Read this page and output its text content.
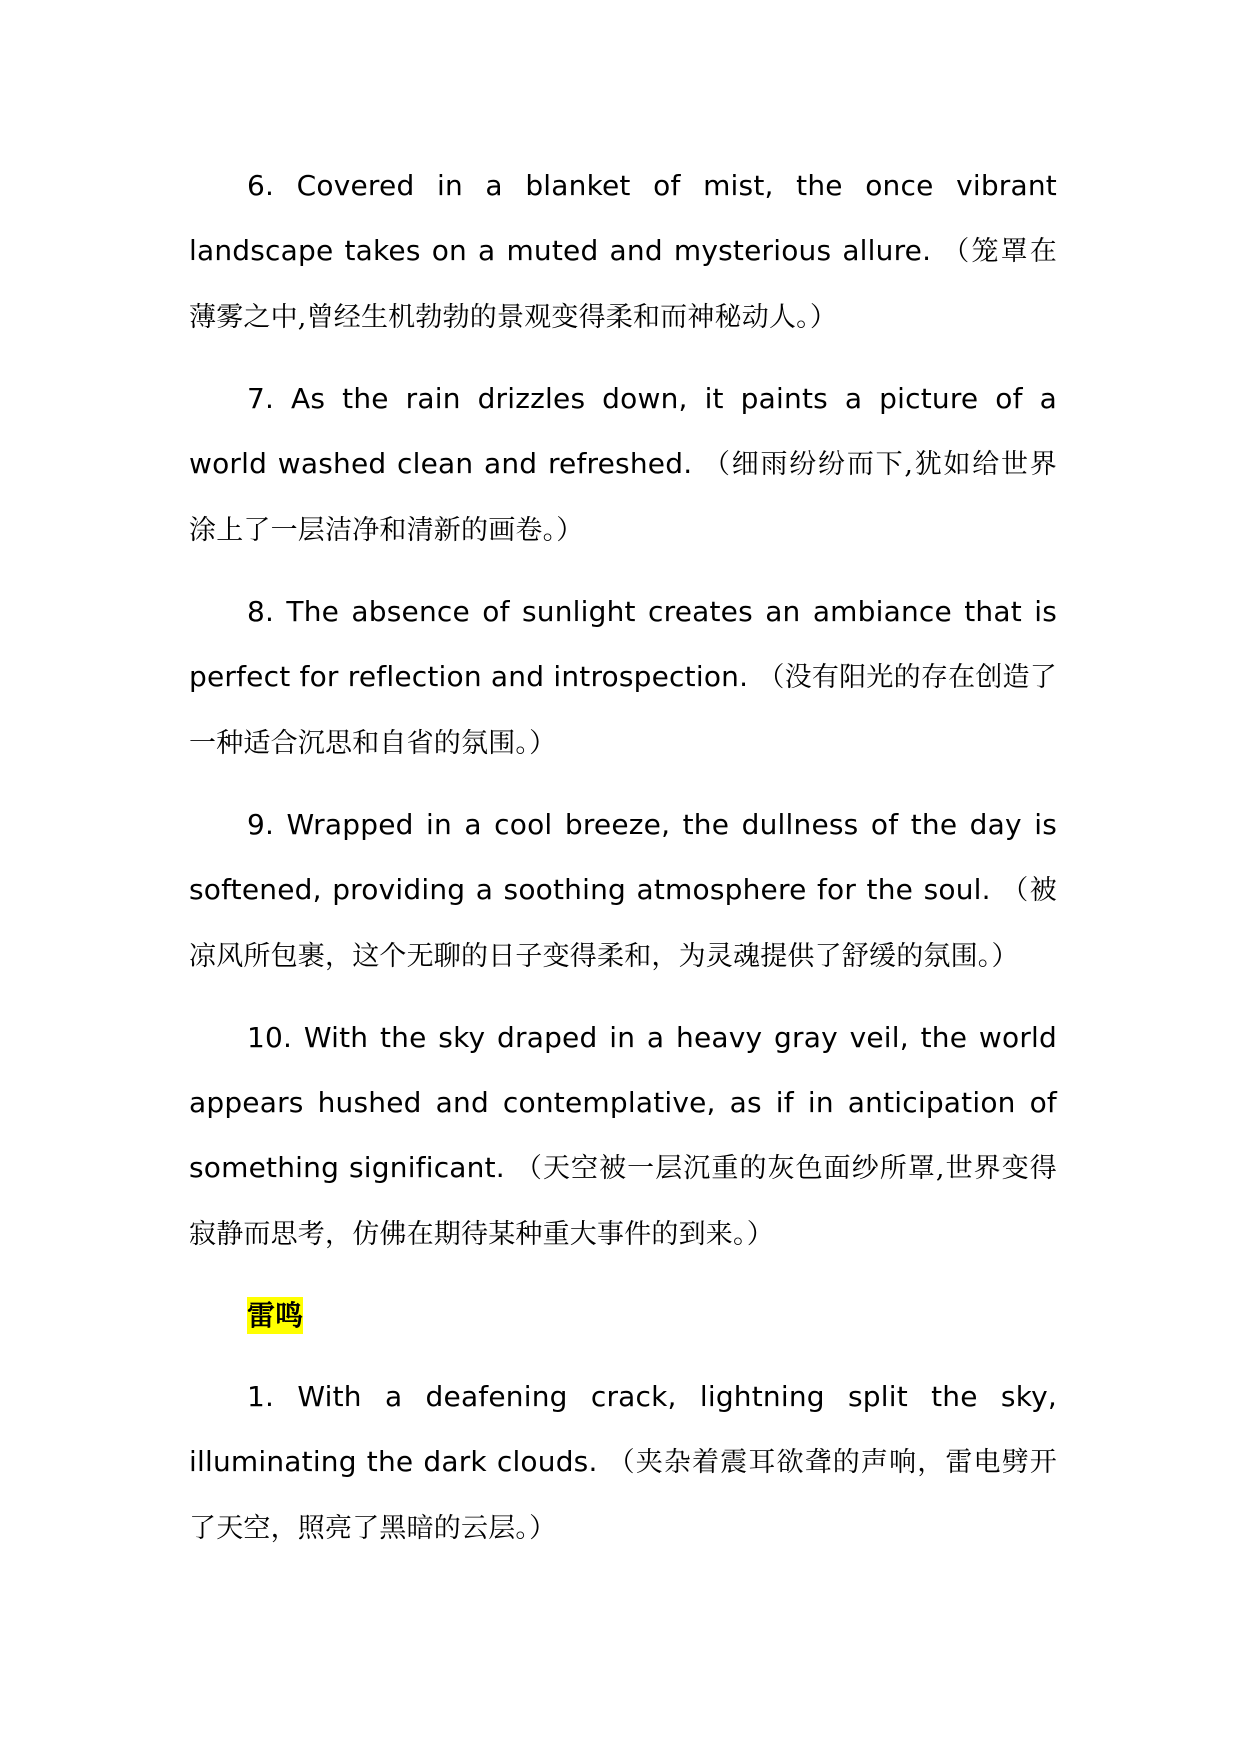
6. Covered in a blanket of mist, the once vibrant landscape takes on a muted and mysterious allure. （笼罩在薄雾之中,曾经生机勃勃的景观变得柔和而神秘动人。）

7. As the rain drizzles down, it paints a picture of a world washed clean and refreshed. （细雨纷纷而下,犹如给世界涂上了一层洁净和清新的画卷。）

8. The absence of sunlight creates an ambiance that is perfect for reflection and introspection. （没有阳光的存在创造了一种适合沉思和自省的氛围。）

9. Wrapped in a cool breeze, the dullness of the day is softened, providing a soothing atmosphere for the soul. （被凉风所包裹，这个无聊的日子变得柔和，为灵魂提供了舒缓的氛围。）

10. With the sky draped in a heavy gray veil, the world appears hushed and contemplative, as if in anticipation of something significant. （天空被一层沉重的灰色面纱所罩,世界变得寂静而思考，仿佛在期待某种重大事件的到来。）

雷鸣

1. With a deafening crack, lightning split the sky, illuminating the dark clouds. （夹杂着震耳欲聋的声响，雷电劈开了天空，照亮了黑暗的云层。）
